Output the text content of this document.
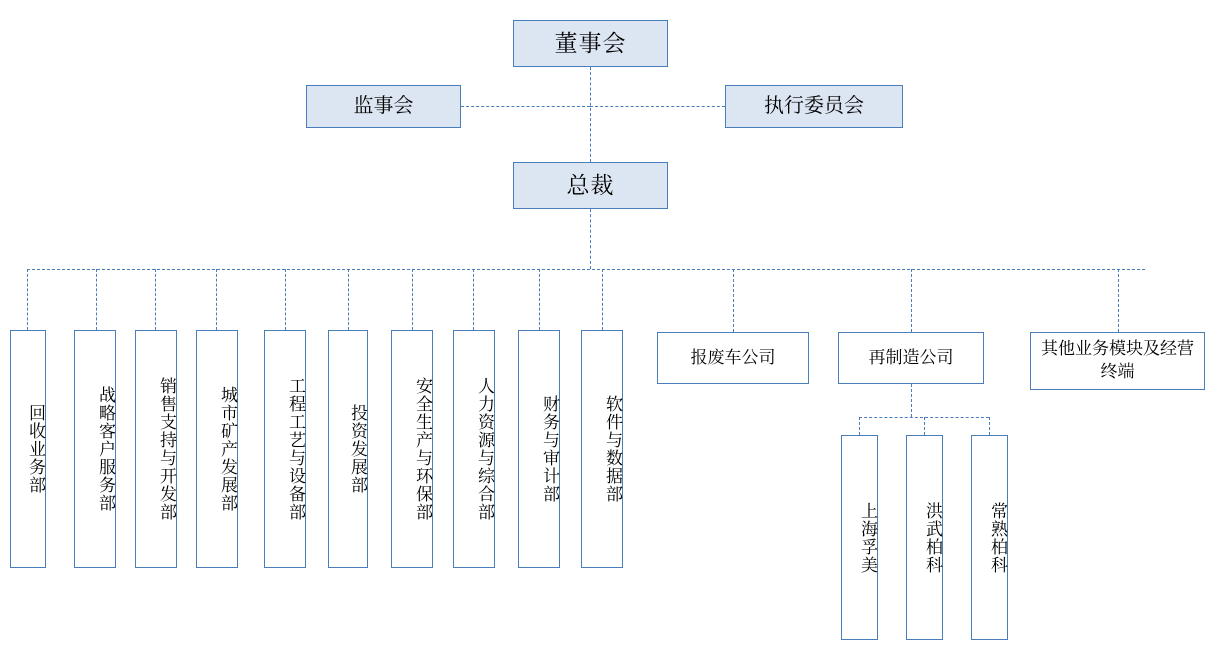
董事会
监事会	执行委员会
总裁
回收业务部	战略客户服务部 销售支持与开发部 城市矿产发展部	工程工艺与设备部	投资发展部	安全生产与环保部	人力资源与综合部	财务与审计部	软件与数据部
报废车公司	再制造公司	其他业务模块及经营终端
上海孚美	洪武柏科	常熟柏科
